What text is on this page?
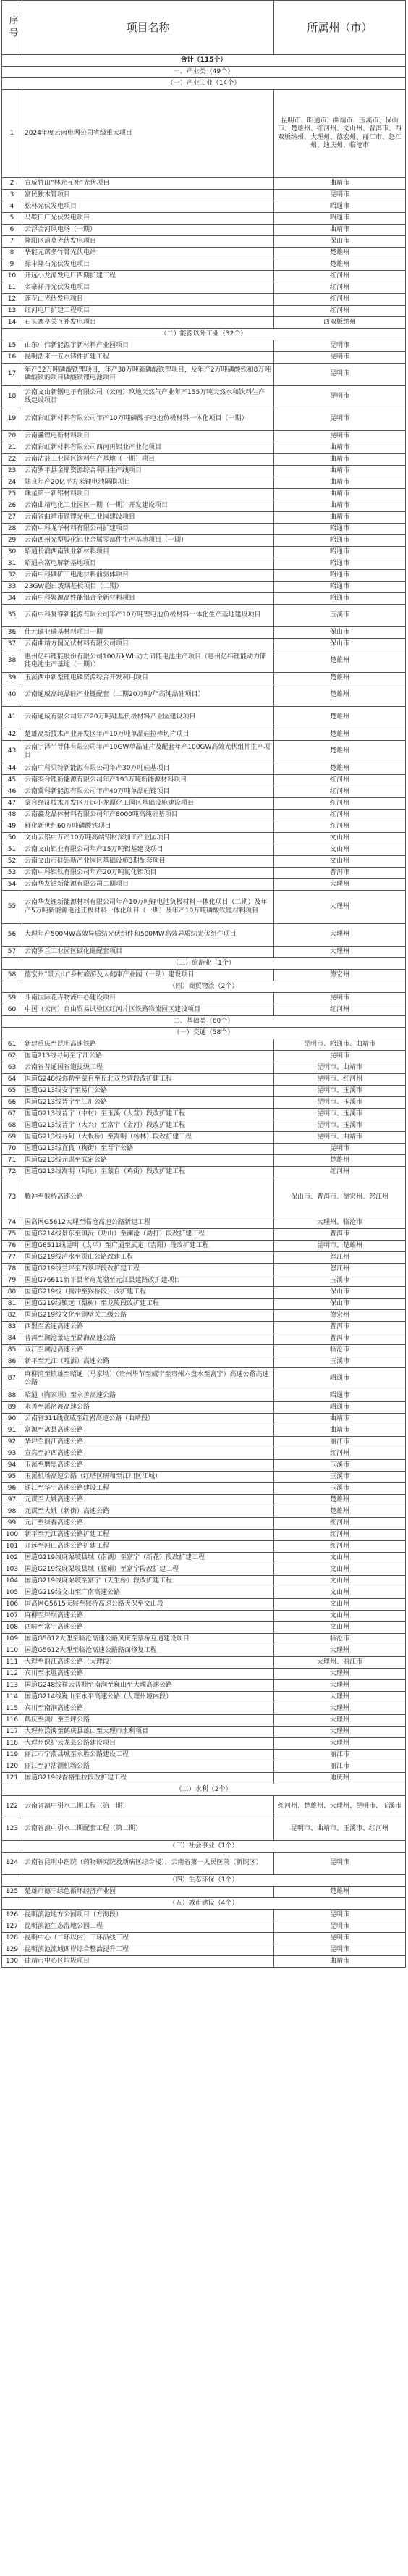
序号	项目名称	所属州（市）
合计（115个）		
一、产业类（49个）		
（一）产业工业（14个）		
1	2024年度云南电网公司省级重大项目	昆明市、昭通市、曲靖市、玉溪市、保山市、楚雄州、红河州、文山州、普洱市、西双版纳州、大理州、德宏州、丽江市、怒江州、迪庆州、临沧市
2	宣威竹山“林光互补”光伏项目	曲靖市
3	富民独木箐项目	昆明市
4	松林光伏发电项目	昭通市
5	马鞍田广光伏发电项目	昭通市
6	云浮金河风电场（一期）	曲靖市
7	隆阳区道莫光伏发电项目	保山市
8	华能元谋多竹箐光伏电站	楚雄州
9	禄丰隆石光伏发电项目	楚雄州
10	开远小龙潭发电厂四期扩建工程	红河州
11	名豪祥丹光伏发电项目	红河州
12	莲花山光伏发电项目	红河州
13	红河电厂扩建工程项目	红河州
14	石头寨亭关互补发电项目	西双版纳州
（二）能源以外工业（32个）		
15	山东中伟新能源宇新材料产业园项目	昆明市
16	昆明浩来十五水铸件扩建工程	昆明市
17	年产32万吨磷酸铁锂项目，年产30万吨新磷酸铁锂项目，及年产2万吨磷酸铁和8万吨磷酸铁的项目磷酸铁锂电池项目	昆明市
18	云南文山新钢电子有限公司（云南）玖地天然气产业年产155万吨天然水和饮料生产线建设项目	昆明市
19	云南彩虹新材料有限公司年产10万吨磷酸子电池负极材料一体化项目（一期）	昆明市
20	云南鑫锂电新材料项目	昆明市
21	云南彩虹新材料有限公司西南再铝业产业化项目	曲靖市
22	云南沾益工业园区饮料生产基地（一期）项目	曲靖市
23	云南罗平县金鼎资源综合利用生产线项目	曲靖市
24	陆良年产20亿平方米锂电池隔膜项目	曲靖市
25	珠星第一新铝材料项目	曲靖市
26	云南曲靖电化工业园区一期（一期）开发建设项目	曲靖市
27	云南省曲靖市铁锂光电工业园建设项目	曲靖市
28	云南中科龙华材料有限公司扩建项目	昭通市
29	云南西州光型胶化铝业金属零部件生产基地项目（一期）	昭通市
30	昭通长润西南钛业新材料项目	昭通市
31	昭通永富电解新基地项目	昭通市
32	云南中科磷矿工电池材料前驱体项目	昭通市
33	23GW超白玻璃基板项目（二期）	昭通市
34	云南中科聚源高性能铝合金新材料项目	昭通市
35	云南中科复睿新能源有限公司年产10万吨锂电池负极材料一体化生产基地建设项目	玉溪市
36	佳元硅业硅基材料项目一期	保山市
37	云南曲靖方圆光伏材料有限公司项目	保山市
38	惠州亿纬锂能股份有限公司100万kWh动力储能电池生产项目（惠州亿纬锂能动力储能电池生产基地（一期））	楚雄州
39	玉溪西中新型锂电磷资源综合开发利用项目	楚雄州
40	云南通威高纯晶硅产业链配套（二期20万吨/年高纯晶硅项目）	楚雄州
41	云南通威有限公司年产20万吨硅基负极材料产业园建设项目	楚雄州
42	楚雄高新技术产业开发区年产10万吨单晶硅拉棒切片项目	楚雄州
43	云南宇泽半导体有限公司年产10GW单晶硅片及配套年产100GW高效光伏组件生产项目	楚雄州
44	云南中科贝特新能源有限公司年产30万吨硅基项目	楚雄州
45	云南泰合锂新能源有限公司年产193万吨新能源材料项目	红河州
46	云南冀科新能源有限公司年产40万吨单晶硅锭项目	红河州
47	蒙自经济技术开发区开远小龙潭化工园区基础设施建设项目	红河州
48	云南鑫龙晶体材料有限公司年产8000吨高纯硅基项目	红河州
49	鲜化新世纪60万吨磷酸铁项目	红河州
50	文山云铝中万产10万吨高端铝材深加工产业园项目	文山州
51	云南文山铝业有限公司年产15万吨铝基建设项目	文山州
52	云南文山市硅铝新产业园区基础设施3期配套项目	文山州
53	云南中科铝钛有限公司年产20万吨氮化铝项目	普洱市
54	云南华友钴新能源有限公司二期项目	大理州
55	云南华友锂新能源材料有限公司年产10万吨锂电池负极材料一体化项目（二期）及年产5万吨新能源电池正极材料一体化项目（一期）及年产10万吨磷酸铁锂材料项目	大理州
56	大理年产500MW高效异质结光伏组件和500MW高效异质结光伏组件项目	大理州
57	云南罗兰工业园区碳化硅配套项目	大理州
（三）旅游业（1个）		
58	德宏州“景云山”乡村旅游及大健康产业园（一期）建设项目	德宏州
（四）商贸物流（2个）		
59	斗南国际花卉物流中心建设项目	昆明市
60	中国（云南）自由贸易试验区红河片区铁路物流园区建设项目	红河州
二、基础类（60个）		
（一）交通（58个）		
61	新建重庆至昆明高速铁路	昆明市、昭通市、曲靖市
62	国道213线寻甸至宁江公路	昆明市
63	云南省普通国省道提级工程	昆明市、曲靖市
64	国道G248线弥勒至蒙自至丘北双龙营段改扩建工程	昆明市、红河州
65	国道G213线安宁至易门公路	昆明市、玉溪市
66	国道G213线晋宁至江川公路	昆明市、玉溪市
67	国道G213线晋宁（中村）至玉溪（大营）段改扩建工程	昆明市、玉溪市
68	国道G213线晋宁（大兴）至富宁（金河）段改扩建工程	昆明市、玉溪市
69	国道G213线寻甸（大板桥）至嵩明（杨林）段改扩建工程	昆明市、曲靖市
70	国道G213线宜良（狗街）至晋宁公路	昆明市
71	国道G213线元谋至武定公路	楚雄州
72	国道G213线嵩明（甸尾）至蒙自（鸡街）段改扩建工程	红河州
73	腾冲至猴桥高速公路	保山市、普洱市、德宏州、怒江州
74	国高网G5612大理至临沧高速公路新建工程	大理州、临沧市
75	国道G214线景东至镇沅（功山）至澜沧（勐打）段改扩建工程	普洱市
76	国道G8511线昆明（太平）至广通至武定（吉阳）段改扩建工程	昆明市、楚雄州
77	国道G219线泸水至贡山公路改建工程	怒江州
78	国道G219线兰坪至西翠坪段改扩建工程	怒江州
79	国道G76611新平县者竜龙渤至元江县建路改扩建项目	玉溪市
80	国道G219线（腾冲至猴桥段）改扩建工程	保山市
81	国道G219线镇远（梨树）至龙陵段改扩建工程	保山市
82	国道G219线文化至铜壁关二级公路	德宏州
83	西盟至孟连高速公路	普洱市
84	普洱至澜沧景迈至勐海高速公路	普洱市
85	双江至澜沧高速公路	临沧市
86	新平至元江（嘎洒）高速公路	玉溪市
87	麻柳湾至镇雄至昭通（马家坳）（贵州毕节至威宁至贵州六盘水至富宁）高速公路高速公路	昭通市
88	昭通（陶家坝）至永善高速公路	昭通市
89	永善至溪洛渡高速公路	昭通市
90	云南省311线宣威至红岩高速公路（曲靖段）	曲靖市
91	富源至盘县高速公路	曲靖市
92	华坪至丽江高速公路	丽江市
93	宣宾至泸西高速公路	红河州
94	玉溪至磨黑高速公路	玉溪市
95	玉溪机场高速公路（红塔区研和至江川区江城）	玉溪市
96	通江至华宁高速公路建设工程	玉溪市
97	元谋至大姚高速公路	楚雄州
98	元谋至大姚（新街）高速公路	楚雄州
99	元江至绿春高速公路	红河州
100	新平至元江高速公路扩建工程	红河州
101	开远至河口高速公路扩建工程	红河州
102	国道G219线麻栗坡县城（南湖）至富宁（新花）段改扩建工程	文山州
103	国道G219线麻栗坡县城（猛硐）至富宁段改扩建工程	文山州
104	国道G219线麻栗坡至富宁（天生桥）段改扩建工程	文山州
105	国道G219线文山至广南高速公路	文山州
106	国高网G5615天猴至猴桥高速公路天保至文山段	文山州
107	麻柳至坪坝高速公路	文山州
108	西畴至富宁高速公路	文山州
109	国道G5612大理至临沧高速公路凤庆至蒙桥互通建设项目	临沧市
110	国道G5612大理至临沧高速公路路面修复工程	大理州
111	大理至丽江高速公路（大理段）	大理州、丽江市
112	宾川至永胜高速公路	大理州
113	国道G248线祥云普棚至南涧至巍山至大理高速公路	大理州
114	国道G214线巍山至永平高速公路（大理州境内段）	大理州
115	宾川至南涧高速公路	大理州
116	鹤庆至剑川至兰坪公路	大理州
117	大理州漾濞至鹤庆县雄山至大理市水利项目	大理州
118	大理州保护云龙县公路建设项目	大理州
119	丽江市宁蒗县城至永胜公路建设工程	丽江市
120	丽江至泸沽湖机场公路	丽江市
121	国道G219线香格里拉段改扩建工程	迪庆州
（二）水利（2个）		
122	云南省滇中引水二期工程（第一期）	红河州、楚雄州、大理州、昆明市、玉溪市
123	云南省滇中引水二期配套工程（第二期）	昆明市、曲靖市、玉溪市、红河州
（三）社会事业（1个）		
124	云南省昆明中医院（药物研究院及新病区综合楼）、云南省第一人民医院（新院区）	昆明市
（四）生态环保（1个）		
125	楚雄市德丰绿色循环经济产业园	楚雄州
（五）城市建设（4个）		
126	昆明滇池地方公园项目（方海段）	昆明市
127	昆明滇池生态湿地公园工程	昆明市
128	昆明中心（二环以内）三环沿线工程	昆明市
129	昆明滇池流域西岸综合整治提升工程	昆明市
130	曲靖市中心区垃圾项目	曲靖市
